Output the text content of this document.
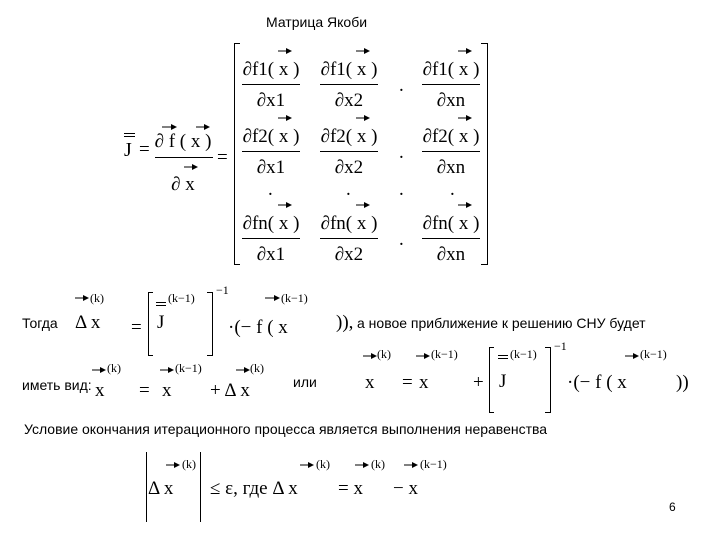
Матрица Якоби
J = ∂ f ( x )
∂ x
=
∂f1( x )
∂x1
∂f1( x )
∂x2
.
∂f1( x )
∂xn
∂f2( x )
∂x1
∂f2( x )
∂x2
.
∂f2( x )
∂xn
.	.	. .
∂fn( x )
∂x1
∂fn( x )
∂x2
.
∂fn( x )
∂xn
Тогда
(k)
Δ x =
(k−1)
J
−1
·(− f ( x
(k−1)
)), а новое приближение к решению СНУ будет
иметь вид:
(k)
x =
(k−1)
x + Δ x
(k)
или
(k)
x =
(k−1)
x +
(k−1)
J
−1
·(− f ( x
(k−1)
))
Условие окончания итерационного процесса является выполнения неравенства
(k)
Δ x ≤ ε, где Δ x
(k)
= x
(k)
− x
(k−1)
6
